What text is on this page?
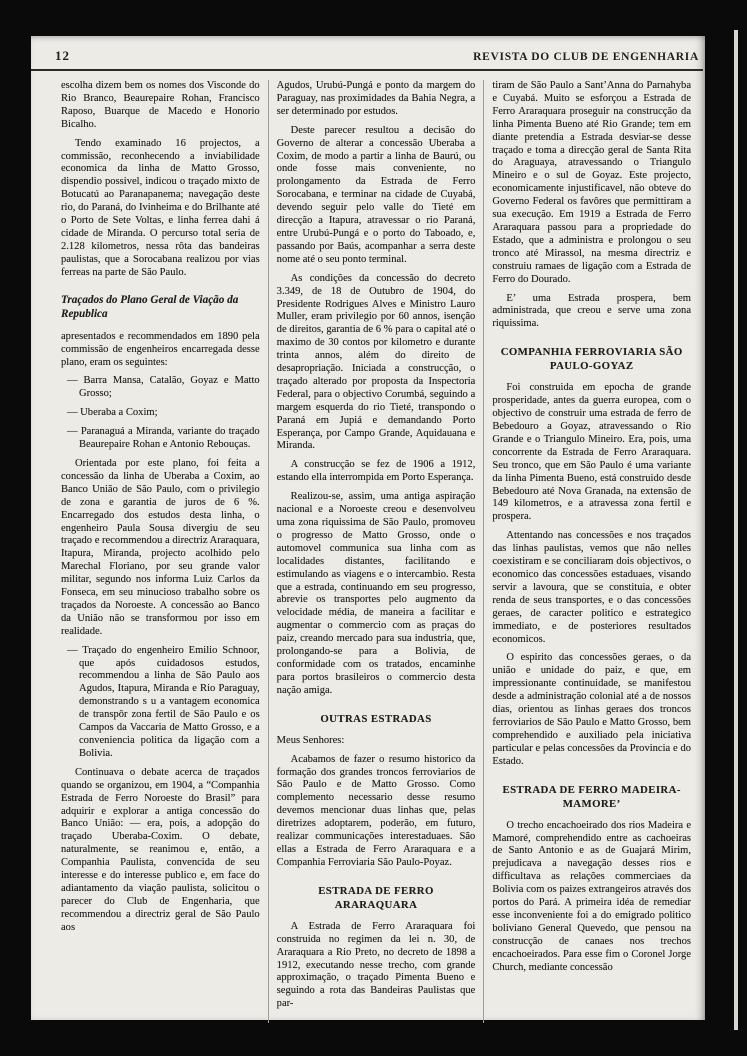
12	REVISTA DO CLUB DE ENGENHARIA
escolha dizem bem os nomes dos Visconde do Rio Branco, Beaurepaire Rohan, Francisco Raposo, Buarque de Macedo e Honorio Bicalho.
Tendo examinado 16 projectos, a commissão, reconhecendo a inviabilidade economica da linha de Matto Grosso, dispendio possivel, indicou o traçado mixto de Botucatú ao Paranapanema; navegação deste rio, do Paraná, do Ivinheima e do Brilhante até o Porto de Sete Voltas, e linha ferrea dahi á cidade de Miranda. O percurso total seria de 2.128 kilometros, nessa rôta das bandeiras paulistas, que a Sorocabana realizou por vias ferreas na parte de São Paulo.
Traçados do Plano Geral de Viação da Republica
apresentados e recommendados em 1890 pela commissão de engenheiros encarregada desse plano, eram os seguintes:
— Barra Mansa, Catalão, Goyaz e Matto Grosso;
— Uberaba a Coxim;
— Paranaguá a Miranda, variante do traçado Beaurepaire Rohan e Antonio Rebouças.
Orientada por este plano, foi feita a concessão da linha de Uberaba a Coxim, ao Banco União de São Paulo, com o privilegio de zona e garantia de juros de 6 %. Encarregado dos estudos desta linha, o engenheiro Paula Sousa divergiu de seu traçado e recommendou a directriz Araraquara, Itapura, Miranda, projecto acolhido pelo Marechal Floriano, por seu grande valor militar, segundo nos informa Luiz Carlos da Fonseca, em seu minucioso trabalho sobre os traçados da Noroeste. A concessão ao Banco da União não se transformou por isso em realidade.
— Traçado do engenheiro Emilio Schnoor, que após cuidadosos estudos, recommendou a linha de São Paulo aos Agudos, Itapura, Miranda e Rio Paraguay, demonstrando s u a vantagem economica de transpôr zona fertil de São Paulo e os Campos da Vaccaria de Matto Grosso, e a conveniencia politica da ligação com a Bolivia.
Continuava o debate acerca de traçados quando se organizou, em 1904, a “Companhia Estrada de Ferro Noroeste do Brasil” para adquirir e explorar a antiga concessão do Banco União: — era, pois, a adopção do traçado Uberaba-Coxim. O debate, naturalmente, se reanimou e, então, a Companhia Paulista, convencida de seu interesse e do interesse publico e, em face do adiantamento da viação paulista, solicitou o parecer do Club de Engenharia, que recommendou a directriz geral de São Paulo aos
Agudos, Urubú-Pungá e ponto da margem do Paraguay, nas proximidades da Bahia Negra, a ser determinado por estudos.
Deste parecer resultou a decisão do Governo de alterar a concessão Uberaba a Coxim, de modo a partir a linha de Baurú, ou onde fosse mais conveniente, no prolongamento da Estrada de Ferro Sorocabana, e terminar na cidade de Cuyabá, devendo seguir pelo valle do Tieté em direcção a Itapura, atravessar o rio Paraná, entre Urubú-Pungá e o porto do Taboado, e, passando por Baús, acompanhar a serra deste nome até o seu ponto terminal.
As condições da concessão do decreto 3.349, de 18 de Outubro de 1904, do Presidente Rodrigues Alves e Ministro Lauro Muller, eram privilegio por 60 annos, isenção de direitos, garantia de 6 % para o capital até o maximo de 30 contos por kilometro e durante trinta annos, além do direito de desapropriação. Iniciada a construcção, o traçado alterado por proposta da Inspectoria Federal, para o objectivo Corumbá, seguindo a margem esquerda do rio Tieté, transpondo o Paraná em Jupiá e demandando Porto Esperança, por Campo Grande, Aquidauana e Miranda.
A construcção se fez de 1906 a 1912, estando ella interrompida em Porto Esperança.
Realizou-se, assim, uma antiga aspiração nacional e a Noroeste creou e desenvolveu uma zona riquissima de São Paulo, promoveu o progresso de Matto Grosso, onde o automovel communica sua linha com as localidades distantes, facilitando e estimulando as viagens e o intercambio. Resta que a estrada, continuando em seu progresso, abrevie os transportes pelo augmento da velocidade média, de maneira a facilitar e augmentar o commercio com as praças do paiz, creando mercado para sua industria, que, prolongando-se para a Bolivia, de conformidade com os tratados, encaminhe para portos brasileiros o commercio desta nação amiga.
OUTRAS ESTRADAS
Meus Senhores:
Acabamos de fazer o resumo historico da formação dos grandes troncos ferroviarios de São Paulo e de Matto Grosso. Como complemento necessario desse resumo devemos mencionar duas linhas que, pelas diretrizes adoptarem, poderão, em futuro, realizar communicações interestaduaes. São ellas a Estrada de Ferro Araraquara e a Companhia Ferroviaria São Paulo-Poyaz.
ESTRADA DE FERRO ARARAQUARA
A Estrada de Ferro Araraquara foi construida no regimen da lei n. 30, de Araraquara a Rio Preto, no decreto de 1898 a 1912, executando nesse trecho, com grande approximação, o traçado Pimenta Bueno e seguindo a rota das Bandeiras Paulistas que par-
tiram de São Paulo a Sant’Anna do Parnahyba e Cuyabá. Muito se esforçou a Estrada de Ferro Araraquara proseguir na construcção da linha Pimenta Bueno até Rio Grande; tem em diante pretendia a Estrada desviar-se desse traçado e toma a direcção geral de Santa Rita do Araguaya, atravessando o Triangulo Mineiro e o sul de Goyaz. Este projecto, economicamente injustificavel, não obteve do Governo Federal os favôres que permittiram a sua execução. Em 1919 a Estrada de Ferro Araraquara passou para a propriedade do Estado, que a administra e prolongou o seu tronco até Mirassol, na mesma directriz e construiu ramaes de ligação com a Estrada de Ferro do Dourado.
E’ uma Estrada prospera, bem administrada, que creou e serve uma zona riquissima.
COMPANHIA FERROVIARIA SÃO PAULO-GOYAZ
Foi construida em epocha de grande prosperidade, antes da guerra europea, com o objectivo de construir uma estrada de ferro de Bebedouro a Goyaz, atravessando o Rio Grande e o Triangulo Mineiro. Era, pois, uma concorrente da Estrada de Ferro Araraquara. Seu tronco, que em São Paulo é uma variante da linha Pimenta Bueno, está construido desde Bebedouro até Nova Granada, na extensão de 149 kilometros, e a atravessa zona fertil e prospera.
Attentando nas concessões e nos traçados das linhas paulistas, vemos que não nelles coexistiram e se conciliaram dois objectivos, o economico das concessões estaduaes, visando servir a lavoura, que se constituia, e obter renda de seus transportes, e o das concessões geraes, de caracter politico e estrategico immediato, e de posteriores resultados economicos.
O espirito das concessões geraes, o da união e unidade do paiz, e que, em impressionante continuidade, se manifestou desde a administração colonial até a de nossos dias, orientou as linhas geraes dos troncos ferroviarios de São Paulo e Matto Grosso, bem comprehendido e auxiliado pela iniciativa particular e pelas concessões da Provincia e do Estado.
ESTRADA DE FERRO MADEIRA-MAMORE’
O trecho encachoeirado dos rios Madeira e Mamoré, comprehendido entre as cachoeiras de Santo Antonio e as de Guajará Mirim, prejudicava a navegação desses rios e difficultava as relações commerciaes da Bolivia com os paizes extrangeiros através dos portos do Pará. A primeira idéa de remediar esse inconveniente foi a do emigrado politico boliviano General Quevedo, que pensou na construcção de canaes nos trechos encachoeirados. Para esse fim o Coronel Jorge Church, mediante concessão
